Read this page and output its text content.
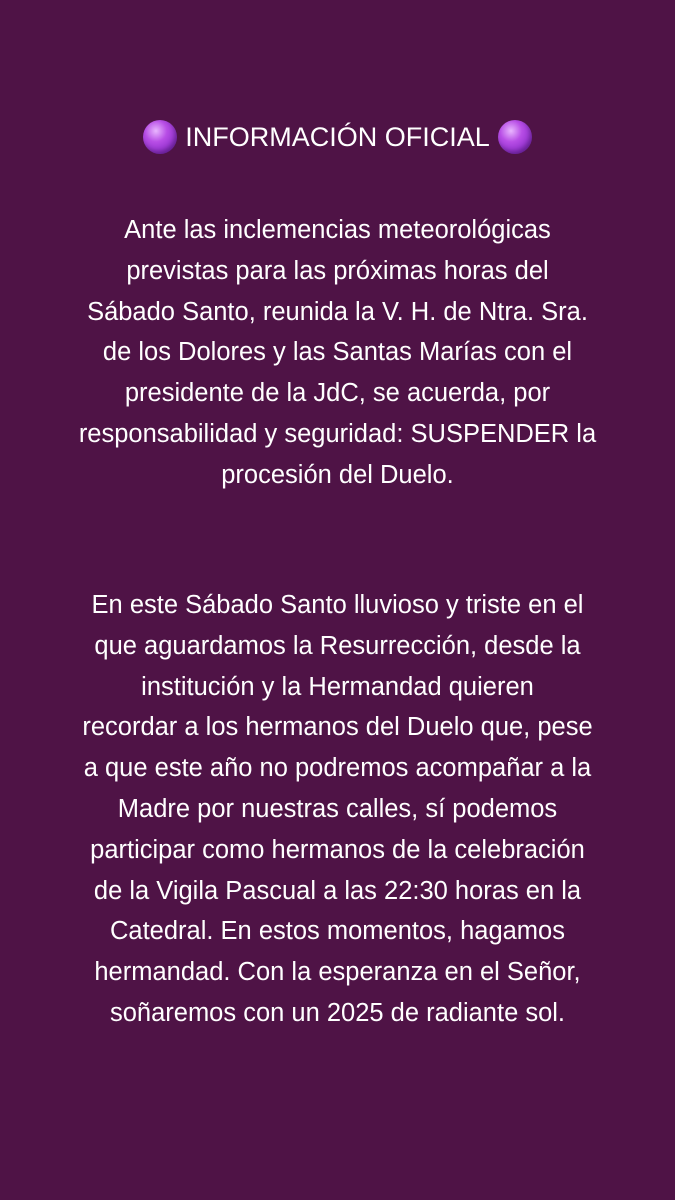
INFORMACIÓN OFICIAL

Ante las inclemencias meteorológicas
previstas para las próximas horas del
Sábado Santo, reunida la V. H. de Ntra. Sra.
de los Dolores y las Santas Marías con el
presidente de la JdC, se acuerda, por
responsabilidad y seguridad: SUSPENDER la
procesión del Duelo.

En este Sábado Santo lluvioso y triste en el
que aguardamos la Resurrección, desde la
institución y la Hermandad quieren
recordar a los hermanos del Duelo que, pese
a que este año no podremos acompañar a la
Madre por nuestras calles, sí podemos
participar como hermanos de la celebración
de la Vigila Pascual a las 22:30 horas en la
Catedral. En estos momentos, hagamos
hermandad. Con la esperanza en el Señor,
soñaremos con un 2025 de radiante sol.
